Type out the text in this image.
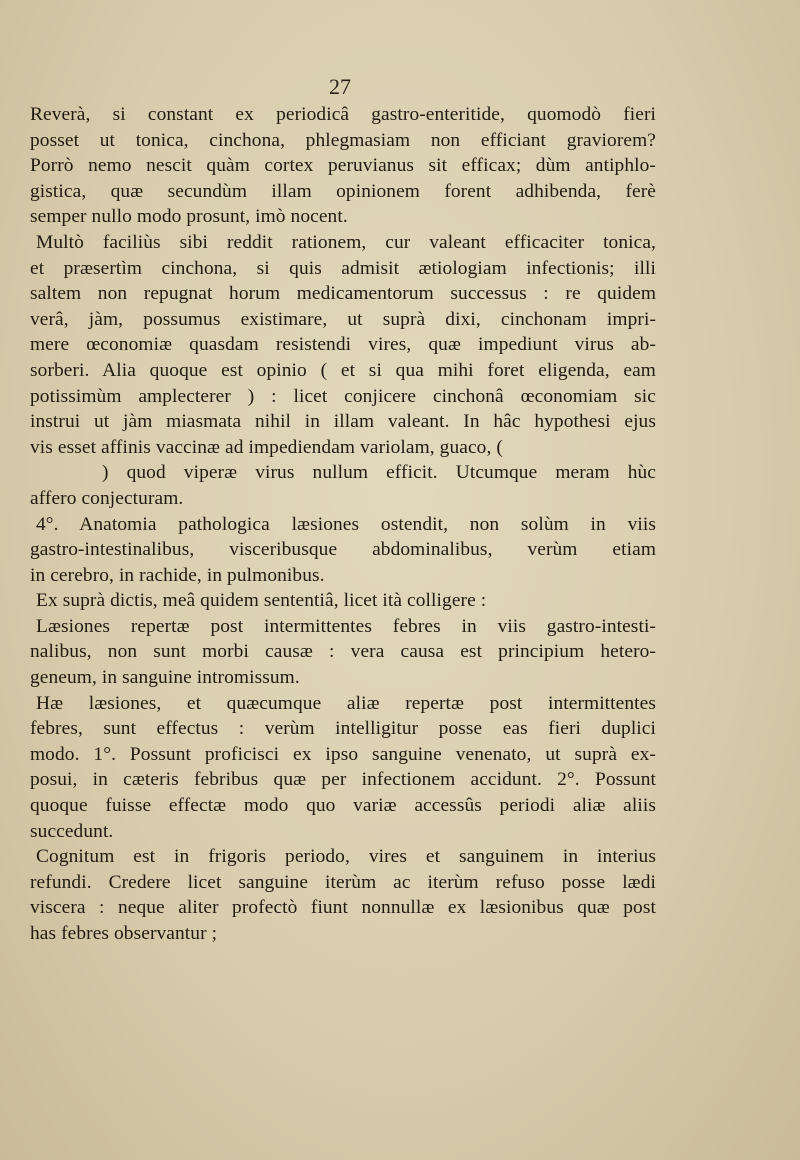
27
Reverà, si constant ex periodicâ gastro-enteritide, quomodò fieri
posset ut tonica, cinchona, phlegmasiam non efficiant graviorem?
Porrò nemo nescit quàm cortex peruvianus sit efficax; dùm antiphlo-
gistica, quæ secundùm illam opinionem forent adhibenda, ferè
semper nullo modo prosunt, imò nocent.
Multò faciliùs sibi reddit rationem, cur valeant efficaciter tonica,
et præsertìm cinchona, si quis admisit ætiologiam infectionis; illi
saltem non repugnat horum medicamentorum successus : re quidem
verâ, jàm, possumus existimare, ut suprà dixi, cinchonam impri-
mere œconomiæ quasdam resistendi vires, quæ impediunt virus ab-
sorberi. Alia quoque est opinio ( et si qua mihi foret eligenda, eam
potissimùm amplecterer ) : licet conjicere cinchonâ œconomiam sic
instrui ut jàm miasmata nihil in illam valeant. In hâc hypothesi ejus
vis esset affinis vaccinæ ad impediendam variolam, guaco, (
) quod viperæ virus nullum efficit. Utcumque meram hùc
affero conjecturam.
4°. Anatomia pathologica læsiones ostendit, non solùm in viis
gastro-intestinalibus, visceribusque abdominalibus, verùm etiam
in cerebro, in rachide, in pulmonibus.
Ex suprà dictis, meâ quidem sententiâ, licet ità colligere :
Læsiones repertæ post intermittentes febres in viis gastro-intesti-
nalibus, non sunt morbi causæ : vera causa est principium hetero-
geneum, in sanguine intromissum.
Hæ læsiones, et quæcumque aliæ repertæ post intermittentes
febres, sunt effectus : verùm intelligitur posse eas fieri duplici
modo. 1°. Possunt proficisci ex ipso sanguine venenato, ut suprà ex-
posui, in cæteris febribus quæ per infectionem accidunt. 2°. Possunt
quoque fuisse effectæ modo quo variæ accessûs periodi aliæ aliis
succedunt.
Cognitum est in frigoris periodo, vires et sanguinem in interius
refundi. Credere licet sanguine iterùm ac iterùm refuso posse lædi
viscera : neque aliter profectò fiunt nonnullæ ex læsionibus quæ post
has febres observantur ;
